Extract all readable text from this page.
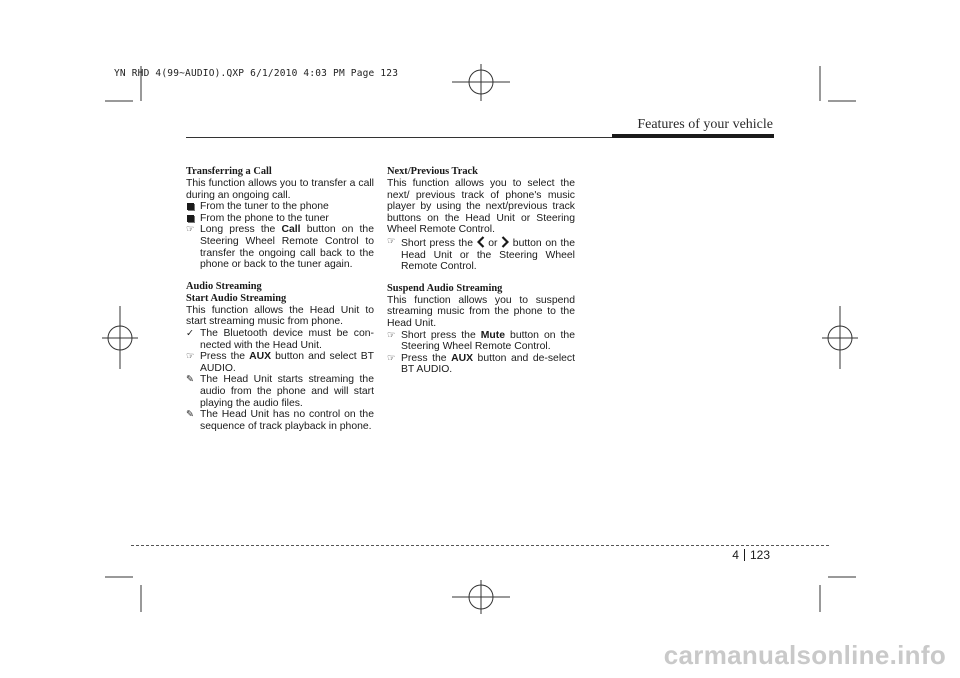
YN RHD 4(99~AUDIO).QXP 6/1/2010 4:03 PM Page 123
Features of your vehicle
Transferring a Call
This function allows you to transfer a call during an ongoing call.
From the tuner to the phone
From the phone to the tuner
☞ Long press the Call button on the Steering Wheel Remote Control to transfer the ongoing call back to the phone or back to the tuner again.
Audio Streaming
Start Audio Streaming
This function allows the Head Unit to start streaming music from phone.
✓ The Bluetooth device must be con- nected with the Head Unit.
☞ Press the AUX button and select BT AUDIO.
✎ The Head Unit starts streaming the audio from the phone and will start playing the audio files.
✎ The Head Unit has no control on the sequence of track playback in phone.
Next/Previous Track
This function allows you to select the next/ previous track of phone's music player by using the next/previous track buttons on the Head Unit or Steering Wheel Remote Control.
☞ Short press the  or  button on the Head Unit or the Steering Wheel Remote Control.
Suspend Audio Streaming
This function allows you to suspend streaming music from the phone to the Head Unit.
☞ Short press the Mute button on the Steering Wheel Remote Control.
☞ Press the AUX button and de-select BT AUDIO.
4 123
carmanualsonline.info
